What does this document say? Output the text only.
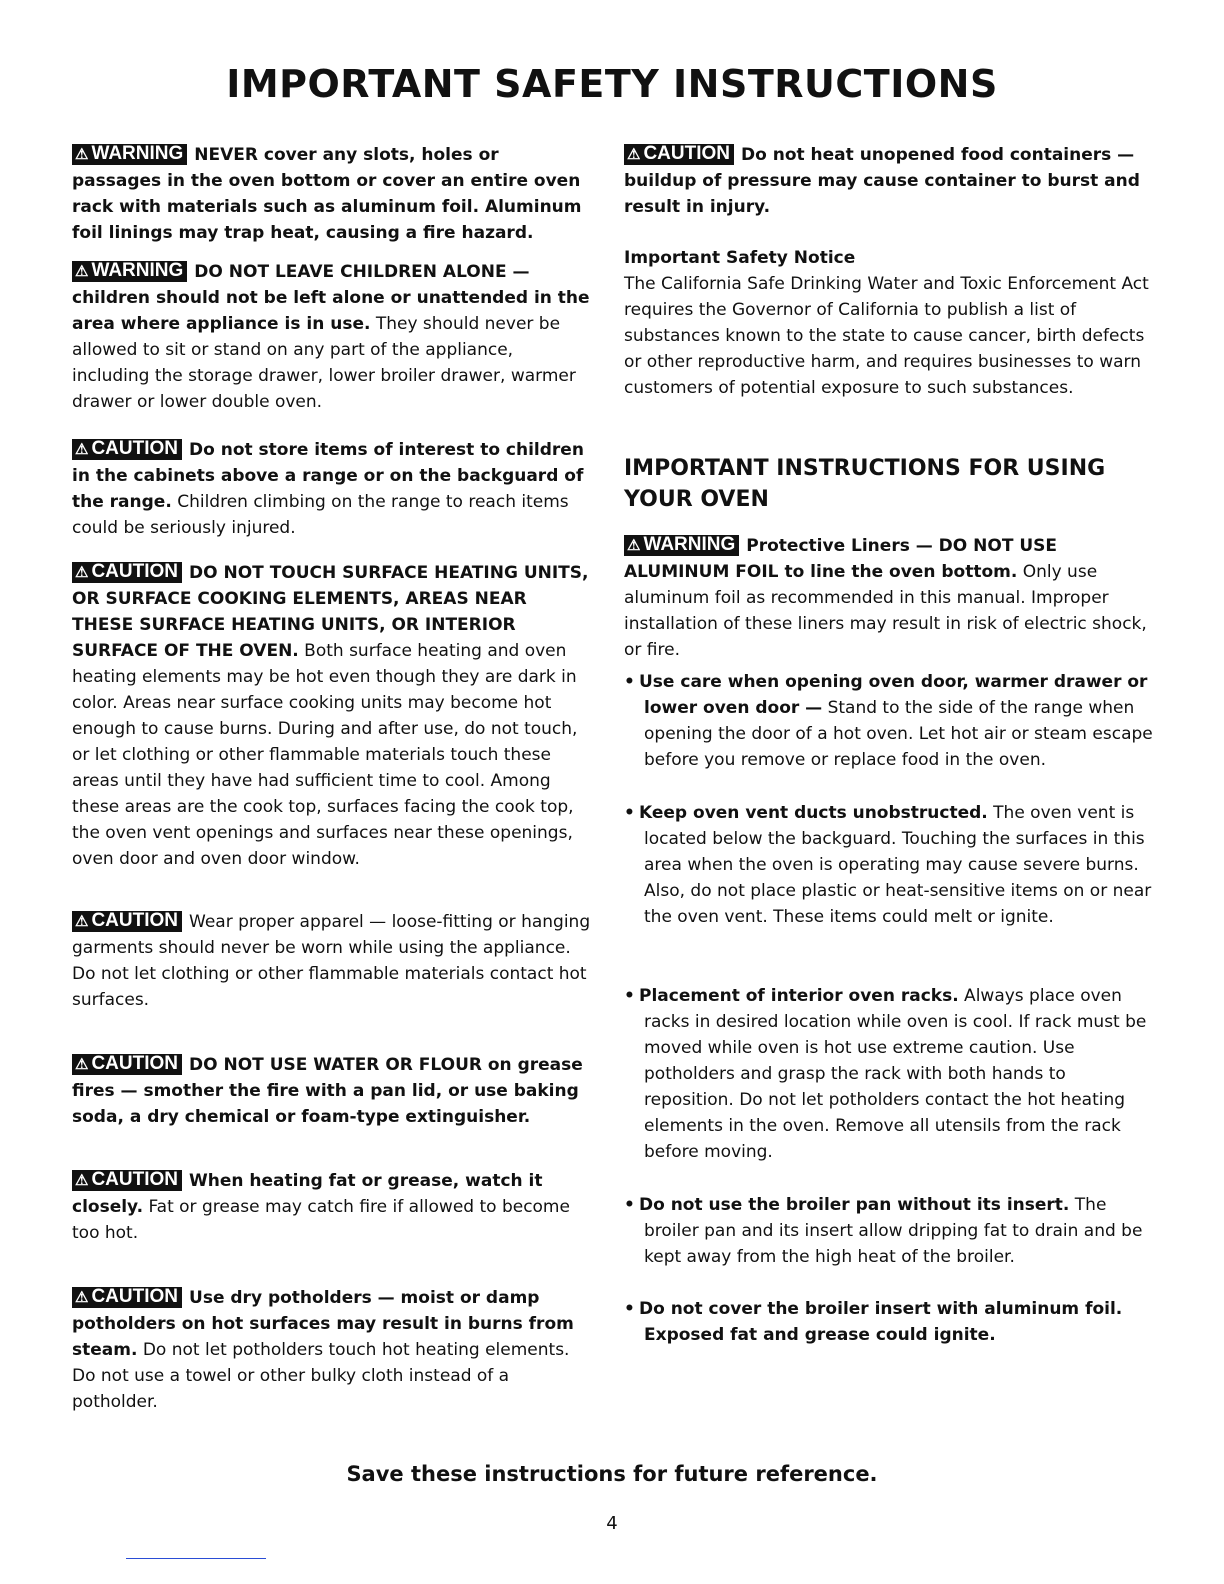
IMPORTANT SAFETY INSTRUCTIONS

⚠ WARNING NEVER cover any slots, holes or passages in the oven bottom or cover an entire oven rack with materials such as aluminum foil. Aluminum foil linings may trap heat, causing a fire hazard.

⚠ WARNING DO NOT LEAVE CHILDREN ALONE — children should not be left alone or unattended in the area where appliance is in use. They should never be allowed to sit or stand on any part of the appliance, including the storage drawer, lower broiler drawer, warmer drawer or lower double oven.

⚠ CAUTION Do not store items of interest to children in the cabinets above a range or on the backguard of the range. Children climbing on the range to reach items could be seriously injured.

⚠ CAUTION DO NOT TOUCH SURFACE HEATING UNITS, OR SURFACE COOKING ELEMENTS, AREAS NEAR THESE SURFACE HEATING UNITS, OR INTERIOR SURFACE OF THE OVEN. Both surface heating and oven heating elements may be hot even though they are dark in color. Areas near surface cooking units may become hot enough to cause burns. During and after use, do not touch, or let clothing or other flammable materials touch these areas until they have had sufficient time to cool. Among these areas are the cook top, surfaces facing the cook top, the oven vent openings and surfaces near these openings, oven door and oven door window.

⚠ CAUTION Wear proper apparel — loose-fitting or hanging garments should never be worn while using the appliance. Do not let clothing or other flammable materials contact hot surfaces.

⚠ CAUTION DO NOT USE WATER OR FLOUR on grease fires — smother the fire with a pan lid, or use baking soda, a dry chemical or foam-type extinguisher.

⚠ CAUTION When heating fat or grease, watch it closely. Fat or grease may catch fire if allowed to become too hot.

⚠ CAUTION Use dry potholders — moist or damp potholders on hot surfaces may result in burns from steam. Do not let potholders touch hot heating elements. Do not use a towel or other bulky cloth instead of a potholder.

⚠ CAUTION Do not heat unopened food containers — buildup of pressure may cause container to burst and result in injury.

Important Safety Notice
The California Safe Drinking Water and Toxic Enforcement Act requires the Governor of California to publish a list of substances known to the state to cause cancer, birth defects or other reproductive harm, and requires businesses to warn customers of potential exposure to such substances.

IMPORTANT INSTRUCTIONS FOR USING YOUR OVEN

⚠ WARNING Protective Liners — DO NOT USE ALUMINUM FOIL to line the oven bottom. Only use aluminum foil as recommended in this manual. Improper installation of these liners may result in risk of electric shock, or fire.

• Use care when opening oven door, warmer drawer or lower oven door — Stand to the side of the range when opening the door of a hot oven. Let hot air or steam escape before you remove or replace food in the oven.

• Keep oven vent ducts unobstructed. The oven vent is located below the backguard. Touching the surfaces in this area when the oven is operating may cause severe burns. Also, do not place plastic or heat-sensitive items on or near the oven vent. These items could melt or ignite.

• Placement of interior oven racks. Always place oven racks in desired location while oven is cool. If rack must be moved while oven is hot use extreme caution. Use potholders and grasp the rack with both hands to reposition. Do not let potholders contact the hot heating elements in the oven. Remove all utensils from the rack before moving.

• Do not use the broiler pan without its insert. The broiler pan and its insert allow dripping fat to drain and be kept away from the high heat of the broiler.

• Do not cover the broiler insert with aluminum foil. Exposed fat and grease could ignite.

Save these instructions for future reference.

4
